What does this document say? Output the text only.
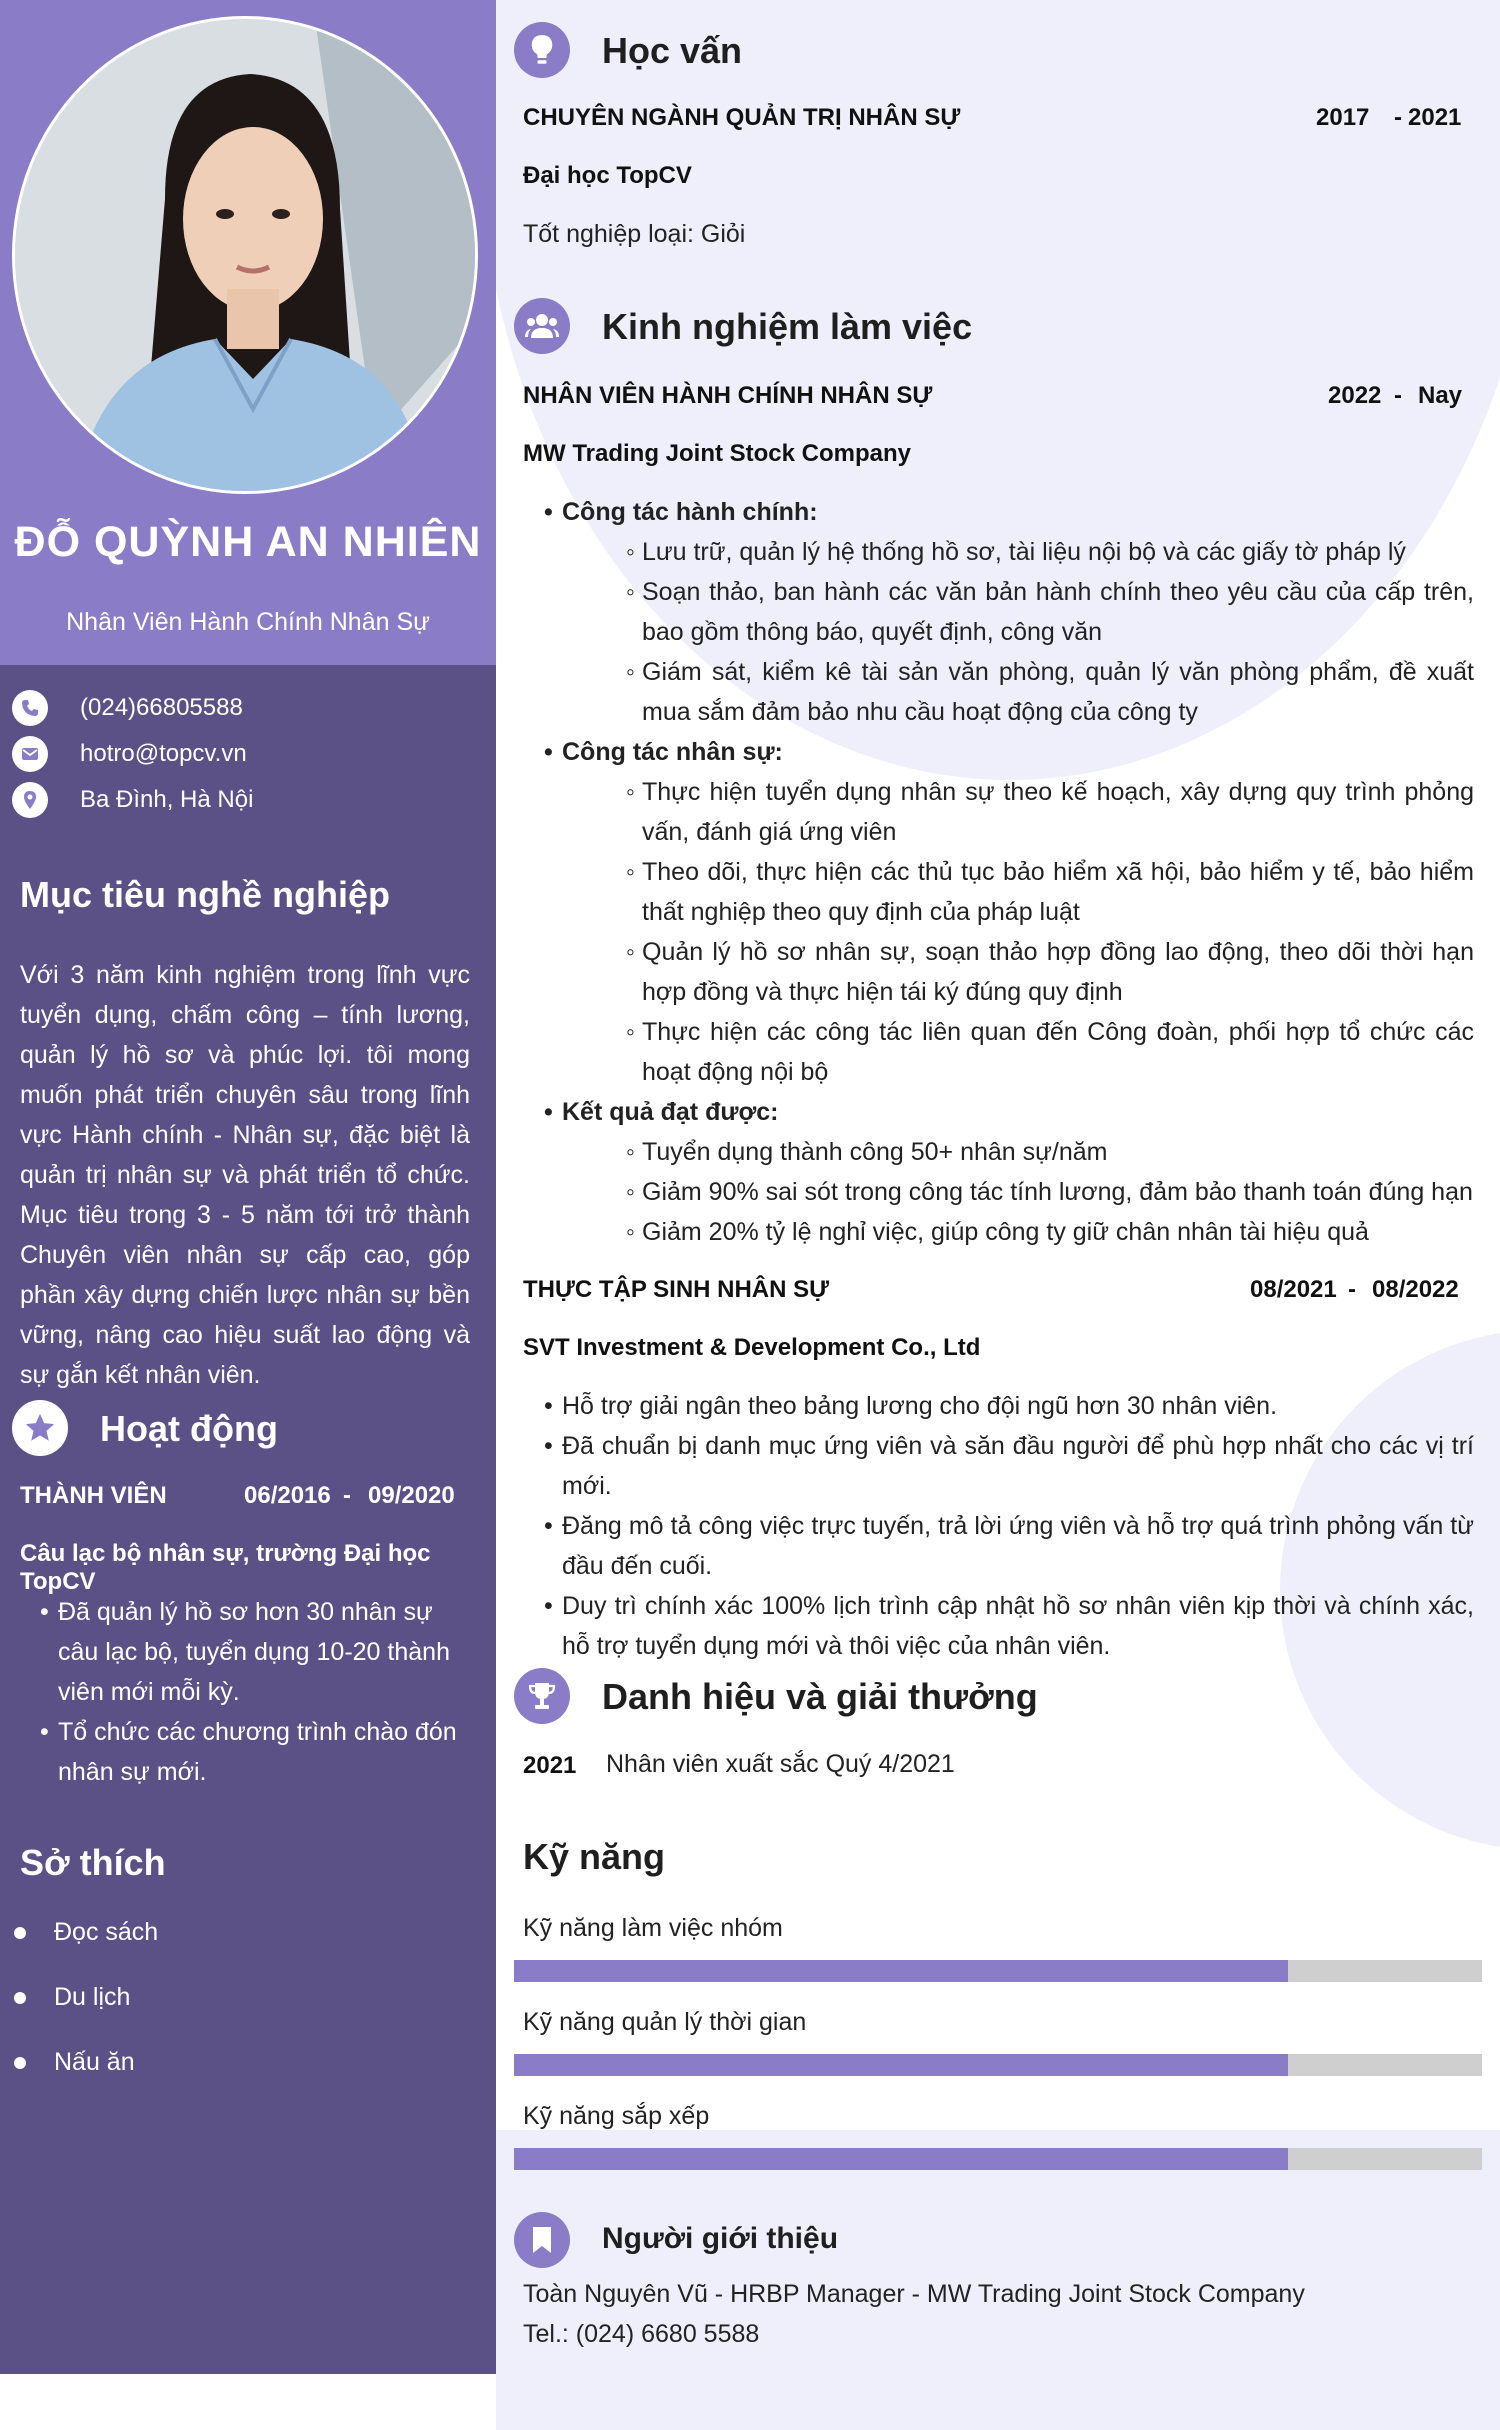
ĐỖ QUỲNH AN NHIÊN
Nhân Viên Hành Chính Nhân Sự
(024)66805588
hotro@topcv.vn
Ba Đình, Hà Nội
Mục tiêu nghề nghiệp
Với 3 năm kinh nghiệm trong lĩnh vực tuyển dụng, chấm công – tính lương, quản lý hồ sơ và phúc lợi. tôi mong muốn phát triển chuyên sâu trong lĩnh vực Hành chính - Nhân sự, đặc biệt là quản trị nhân sự và phát triển tổ chức. Mục tiêu trong 3 - 5 năm tới trở thành Chuyên viên nhân sự cấp cao, góp phần xây dựng chiến lược nhân sự bền vững, nâng cao hiệu suất lao động và sự gắn kết nhân viên.
Hoạt động
THÀNH VIÊN	06/2016 - 09/2020
Câu lạc bộ nhân sự, trường Đại học TopCV
• Đã quản lý hồ sơ hơn 30 nhân sự câu lạc bộ, tuyển dụng 10-20 thành viên mới mỗi kỳ.
• Tổ chức các chương trình chào đón nhân sự mới.
Sở thích
Đọc sách
Du lịch
Nấu ăn
Học vấn
CHUYÊN NGÀNH QUẢN TRỊ NHÂN SỰ	2017 - 2021
Đại học TopCV
Tốt nghiệp loại: Giỏi
Kinh nghiệm làm việc
NHÂN VIÊN HÀNH CHÍNH NHÂN SỰ	2022 - Nay
MW Trading Joint Stock Company
• Công tác hành chính:
◦ Lưu trữ, quản lý hệ thống hồ sơ, tài liệu nội bộ và các giấy tờ pháp lý
◦ Soạn thảo, ban hành các văn bản hành chính theo yêu cầu của cấp trên, bao gồm thông báo, quyết định, công văn
◦ Giám sát, kiểm kê tài sản văn phòng, quản lý văn phòng phẩm, đề xuất mua sắm đảm bảo nhu cầu hoạt động của công ty
• Công tác nhân sự:
◦ Thực hiện tuyển dụng nhân sự theo kế hoạch, xây dựng quy trình phỏng vấn, đánh giá ứng viên
◦ Theo dõi, thực hiện các thủ tục bảo hiểm xã hội, bảo hiểm y tế, bảo hiểm thất nghiệp theo quy định của pháp luật
◦ Quản lý hồ sơ nhân sự, soạn thảo hợp đồng lao động, theo dõi thời hạn hợp đồng và thực hiện tái ký đúng quy định
◦ Thực hiện các công tác liên quan đến Công đoàn, phối hợp tổ chức các hoạt động nội bộ
• Kết quả đạt được:
◦ Tuyển dụng thành công 50+ nhân sự/năm
◦ Giảm 90% sai sót trong công tác tính lương, đảm bảo thanh toán đúng hạn
◦ Giảm 20% tỷ lệ nghỉ việc, giúp công ty giữ chân nhân tài hiệu quả
THỰC TẬP SINH NHÂN SỰ	08/2021 - 08/2022
SVT Investment & Development Co., Ltd
• Hỗ trợ giải ngân theo bảng lương cho đội ngũ hơn 30 nhân viên.
• Đã chuẩn bị danh mục ứng viên và săn đầu người để phù hợp nhất cho các vị trí mới.
• Đăng mô tả công việc trực tuyến, trả lời ứng viên và hỗ trợ quá trình phỏng vấn từ đầu đến cuối.
• Duy trì chính xác 100% lịch trình cập nhật hồ sơ nhân viên kịp thời và chính xác, hỗ trợ tuyển dụng mới và thôi việc của nhân viên.
Danh hiệu và giải thưởng
2021 Nhân viên xuất sắc Quý 4/2021
Kỹ năng
Kỹ năng làm việc nhóm
Kỹ năng quản lý thời gian
Kỹ năng sắp xếp
Người giới thiệu
Toàn Nguyên Vũ - HRBP Manager - MW Trading Joint Stock Company
Tel.: (024) 6680 5588
